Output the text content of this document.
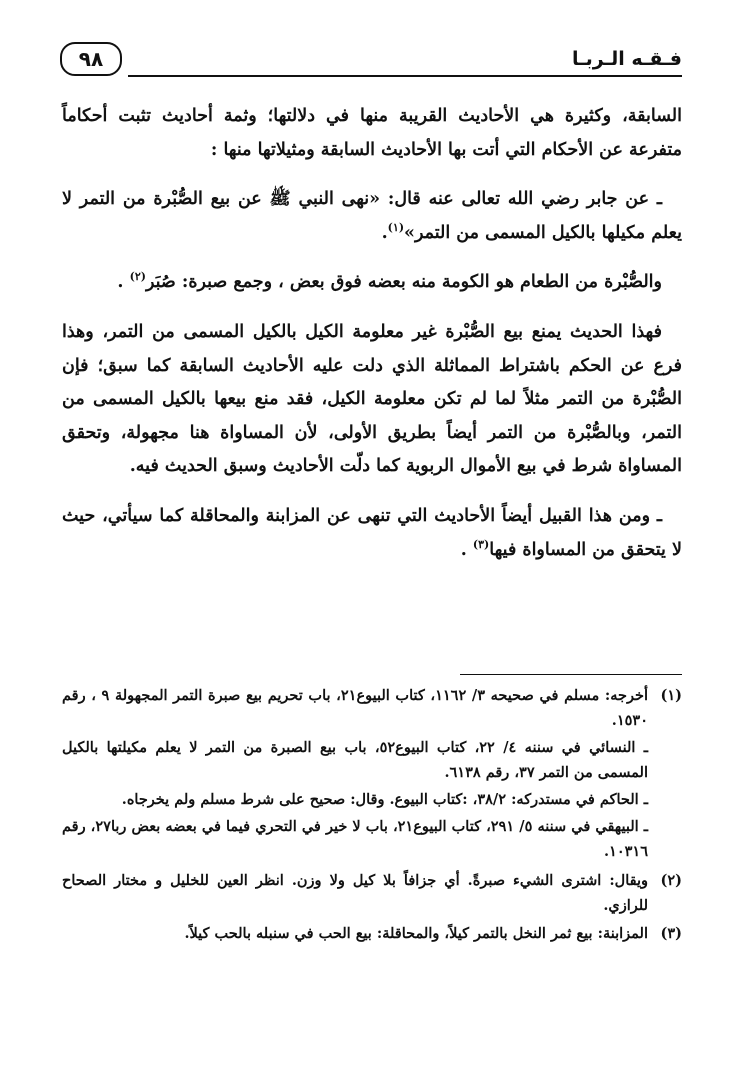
فـقـه الـربـا
٩٨

السابقة، وكثيرة هي الأحاديث القريبة منها في دلالتها؛ وثمة أحاديث تثبت أحكاماً متفرعة عن الأحكام التي أتت بها الأحاديث السابقة ومثيلاتها منها :

ـ عن جابر رضي الله تعالى عنه قال: «نهى النبي ﷺ عن بيع الصُّبْرة من التمر لا يعلم مكيلها بالكيل المسمى من التمر»$^{(١)}$.

والصُّبْرة من الطعام هو الكومة منه بعضه فوق بعض ، وجمع صبرة: صُبَر$^{(٢)}$ .

فهذا الحديث يمنع بيع الصُّبْرة غير معلومة الكيل بالكيل المسمى من التمر، وهذا فرع عن الحكم باشتراط المماثلة الذي دلت عليه الأحاديث السابقة كما سبق؛ فإن الصُّبْرة من التمر مثلاً لما لم تكن معلومة الكيل، فقد منع بيعها بالكيل المسمى من التمر، وبالصُّبْرة من التمر أيضاً بطريق الأولى، لأن المساواة هنا مجهولة، وتحقق المساواة شرط في بيع الأموال الربوية كما دلّت الأحاديث وسبق الحديث فيه.

ـ ومن هذا القبيل أيضاً الأحاديث التي تنهى عن المزابنة والمحاقلة كما سيأتي، حيث لا يتحقق من المساواة فيها$^{(٣)}$ .

(١)
أخرجه: مسلم في صحيحه ٣/ ١١٦٢، كتاب البيوع٢١، باب تحريم بيع صبرة التمر المجهولة ٩ ، رقم ١٥٣٠.
ـ النسائي في سننه ٤/ ٢٢، كتاب البيوع٥٢، باب بيع الصبرة من التمر لا يعلم مكيلتها بالكيل المسمى من التمر ٣٧، رقم ٦١٣٨.
ـ الحاكم في مستدركه: ٣٨/٢، :كتاب البيوع. وقال: صحيح على شرط مسلم ولم يخرجاه.
ـ البيهقي في سننه ٥/ ٢٩١، كتاب البيوع٢١، باب لا خير في التحري فيما في بعضه بعض ربا٢٧، رقم ١٠٣١٦.
(٢)
ويقال: اشترى الشيء صبرةً. أي جزافاً بلا كيل ولا وزن. انظر العين للخليل و مختار الصحاح للرازي.
(٣)
المزابنة: بيع ثمر النخل بالتمر كيلاً، والمحاقلة: بيع الحب في سنبله بالحب كيلاً.
